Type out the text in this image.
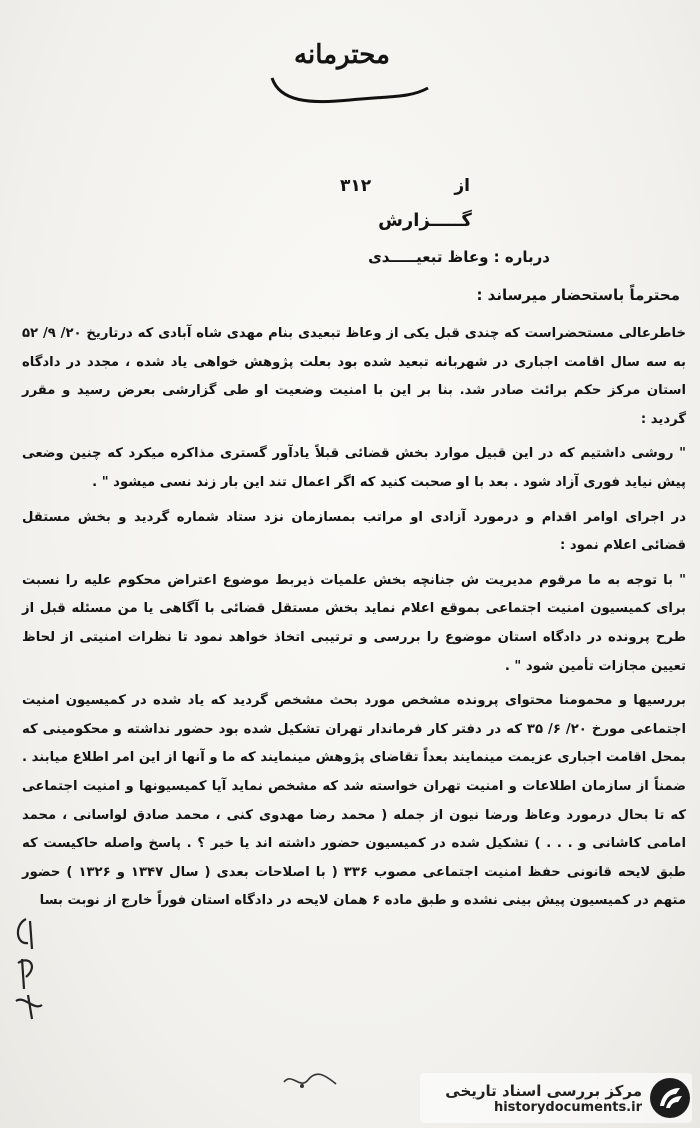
محترمانه
از
۳۱۲
گـــــزارش
درباره : وعاظ تبعیـــــدی
محترماً باستحضار میرساند :

خاطرعالی مستحضراست که چندی قبل یکی از وعاظ تبعیدی بنام مهدی شاه آبادی که درتاریخ ۲۰/ ۹/ ۵۲ به سه سال اقامت اجباری در شهربانه تبعید شده بود بعلت پژوهش خواهی یاد شده ، مجدد در دادگاه استان مرکز حکم برائت صادر شد. بنا بر این با امنیت وضعیت او طی گزارشی بعرض رسید و مقرر گردید :

" روشی داشتیم که در این قبیل موارد بخش قضائی قبلاً یادآور گستری مذاکره میکرد که چنین وضعی پیش نیاید فوری آزاد شود . بعد با او صحبت کنید که اگر اعمال تند این بار زند نسی میشود " .

در اجرای اوامر اقدام و درمورد آزادی او مراتب بمسازمان نزد ستاد شماره گردید و بخش مستقل قضائی اعلام نمود :

" با توجه به ما مرقوم مدیریت ش جنانچه بخش علمیات ذیربط موضوع اعتراض محکوم علیه را نسبت برای کمیسیون امنیت اجتماعی بموقع اعلام نماید بخش مستقل قضائی با آگاهی یا من مسئله قبل از طرح پرونده در دادگاه استان موضوع را بررسی و ترتیبی اتخاذ خواهد نمود تا نظرات امنیتی از لحاظ تعیین مجازات تأمین شود " .

بررسیها و محمومنا محتوای پرونده مشخص مورد بحث مشخص گردید که یاد شده در کمیسیون امنیت اجتماعی مورخ ۲۰/ ۶/ ۳۵ که در دفتر کار فرماندار تهران تشکیل شده بود حضور نداشته و محکومینی که بمحل اقامت اجباری عزیمت مینمایند بعداً تقاضای پژوهش مینمایند که ما و آنها از این امر اطلاع میابند . ضمناً از سازمان اطلاعات و امنیت تهران خواسته شد که مشخص نماید آیا کمیسیونها و امنیت اجتماعی که تا بحال درمورد وعاظ ورضا نیون از جمله ( محمد رضا مهدوی کنی ، محمد صادق لواسانی ، محمد امامی کاشانی و . . . ) تشکیل شده در کمیسیون حضور داشته اند یا خیر ؟ . پاسخ واصله حاکیست که طبق لایحه قانونی حفظ امنیت اجتماعی مصوب ۳۳۶ ( با اصلاحات بعدی ( سال ۱۳۴۷ و ۱۳۲۶ ) حضور متهم در کمیسیون پیش بینی نشده و طبق ماده ۶ همان لایحه در دادگاه استان فوراً خارج از نوبت بسا

مرکز بررسی اسناد تاریخی
historydocuments.ir
